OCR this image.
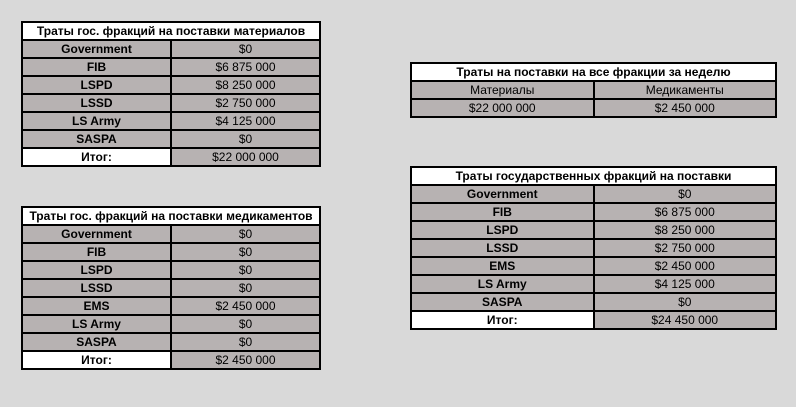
Траты гос. фракций на поставки материалов	
Government	$0
FIB	$6 875 000
LSPD	$8 250 000
LSSD	$2 750 000
LS Army	$4 125 000
SASPA	$0
Итог:	$22 000 000
Траты гос. фракций на поставки медикаментов	
Government	$0
FIB	$0
LSPD	$0
LSSD	$0
EMS	$2 450 000
LS Army	$0
SASPA	$0
Итог:	$2 450 000
Траты на поставки на все фракции за неделю	
Материалы	Медикаменты
$22 000 000	$2 450 000
Траты государственных фракций на поставки	
Government	$0
FIB	$6 875 000
LSPD	$8 250 000
LSSD	$2 750 000
EMS	$2 450 000
LS Army	$4 125 000
SASPA	$0
Итог:	$24 450 000
